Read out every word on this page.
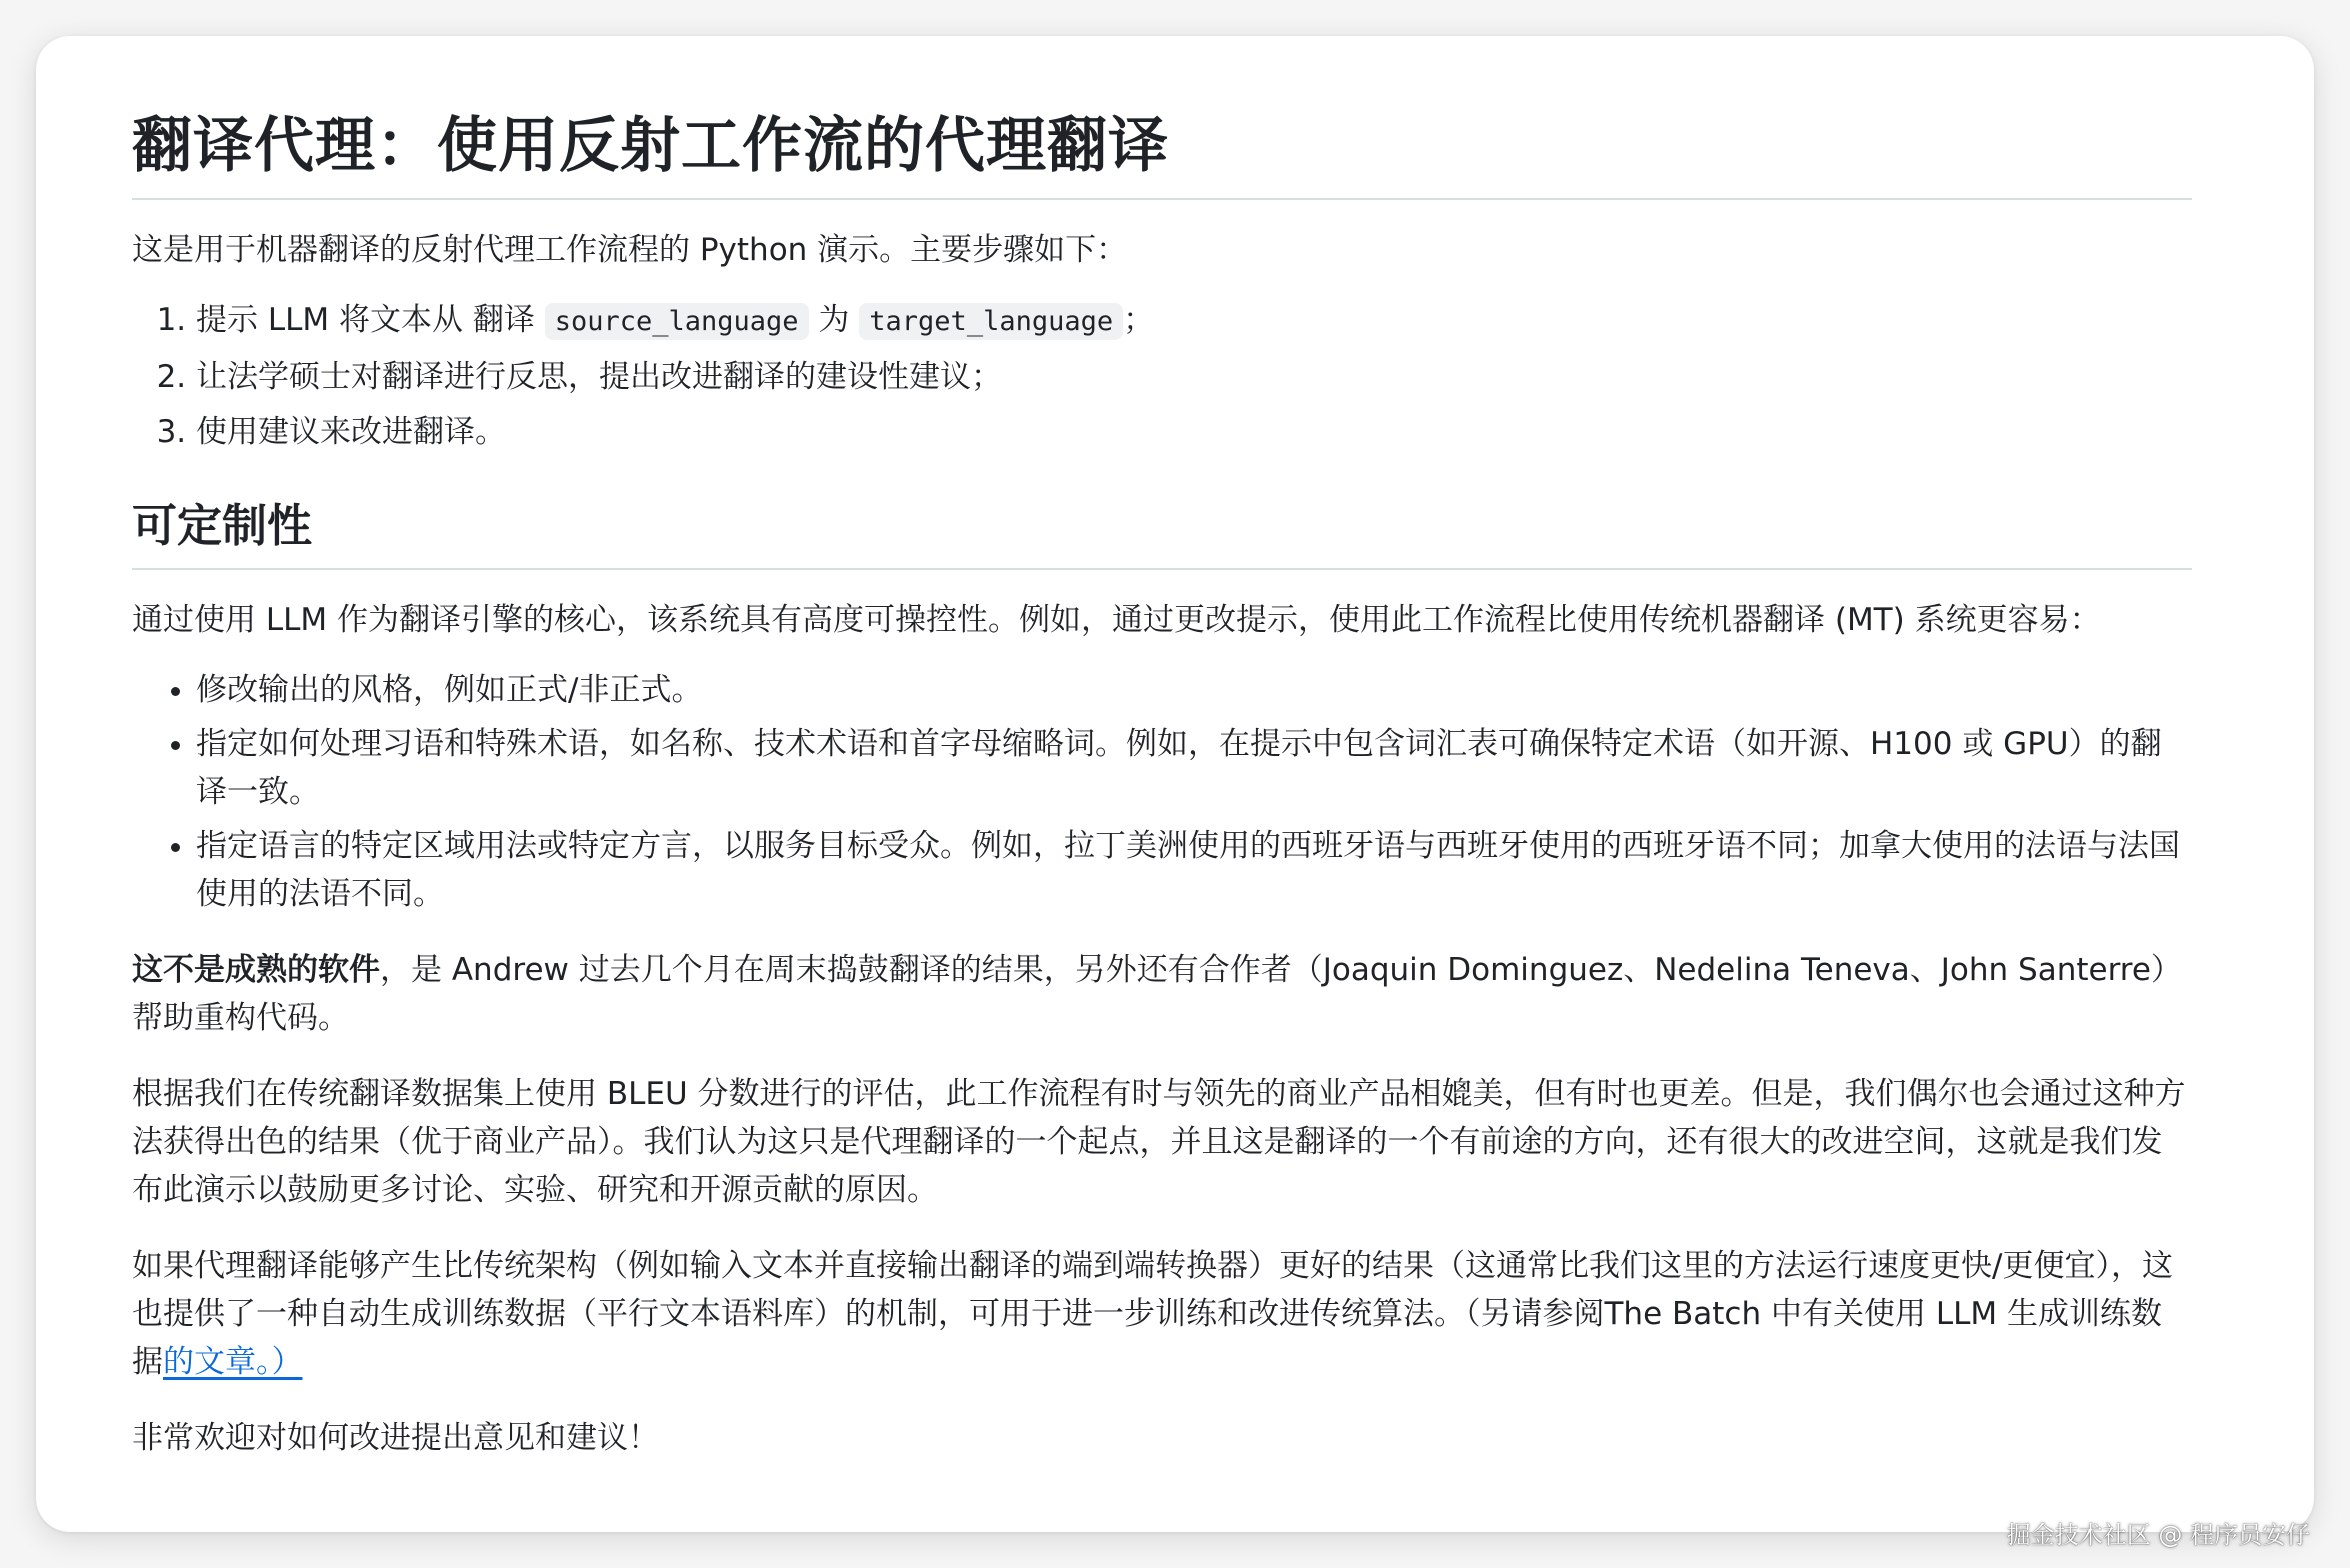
翻译代理：使用反射工作流的代理翻译

这是用于机器翻译的反射代理工作流程的 Python 演示。主要步骤如下：

1. 提示 LLM 将文本从 翻译 source_language 为 target_language ；
2. 让法学硕士对翻译进行反思，提出改进翻译的建设性建议；
3. 使用建议来改进翻译。
可定制性

通过使用 LLM 作为翻译引擎的核心，该系统具有高度可操控性。例如，通过更改提示，使用此工作流程比使用传统机器翻译 (MT) 系统更容易：

• 修改输出的风格，例如正式/非正式。
• 指定如何处理习语和特殊术语，如名称、技术术语和首字母缩略词。例如，在提示中包含词汇表可确保特定术语（如开源、H100 或 GPU）的翻译一致。
• 指定语言的特定区域用法或特定方言，以服务目标受众。例如，拉丁美洲使用的西班牙语与西班牙使用的西班牙语不同；加拿大使用的法语与法国使用的法语不同。

这不是成熟的软件，是 Andrew 过去几个月在周末捣鼓翻译的结果，另外还有合作者（Joaquin Dominguez、Nedelina Teneva、John Santerre）帮助重构代码。

根据我们在传统翻译数据集上使用 BLEU 分数进行的评估，此工作流程有时与领先的商业产品相媲美，但有时也更差。但是，我们偶尔也会通过这种方法获得出色的结果（优于商业产品）。我们认为这只是代理翻译的一个起点，并且这是翻译的一个有前途的方向，还有很大的改进空间，这就是我们发布此演示以鼓励更多讨论、实验、研究和开源贡献的原因。

如果代理翻译能够产生比传统架构（例如输入文本并直接输出翻译的端到端转换器）更好的结果（这通常比我们这里的方法运行速度更快/更便宜），这也提供了一种自动生成训练数据（平行文本语料库）的机制，可用于进一步训练和改进传统算法。（另请参阅The Batch 中有关使用 LLM 生成训练数据的文章。）

非常欢迎对如何改进提出意见和建议！

掘金技术社区 @ 程序员安仔
